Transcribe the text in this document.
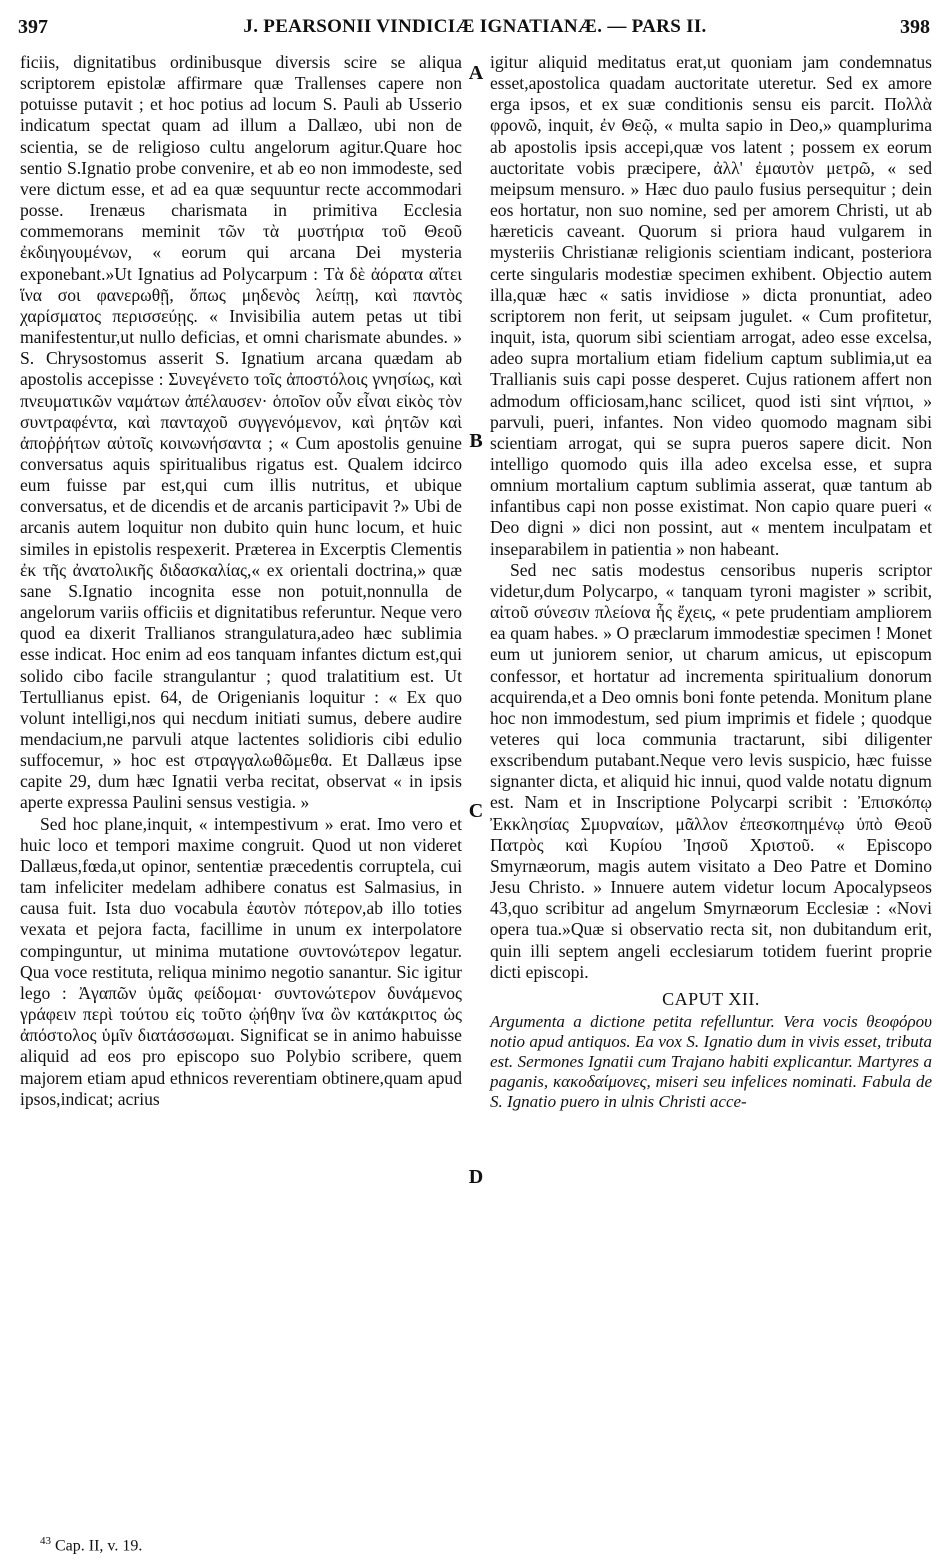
397	J. PEARSONII VINDICIÆ IGNATIANÆ. — PARS II.	398

ficiis, dignitatibus ordinibusque diversis scire se aliqua scriptorem epistolæ affirmare quæ Trallenses capere non potuisse putavit ; et hoc potius ad locum S. Pauli ab Usserio indicatum spectat quam ad illum a Dallæo, ubi non de scientia, se de religioso cultu angelorum agitur.Quare hoc sentio S.Ignatio probe convenire, et ab eo non immodeste, sed vere dictum esse, et ad ea quæ sequuntur recte accommodari posse. Irenæus charismata in primitiva Ecclesia commemorans meminit τῶν τὰ μυστήρια τοῦ Θεοῦ ἐκδιηγουμένων, « eorum qui arcana Dei mysteria exponebant.»Ut Ignatius ad Polycarpum : Τὰ δὲ ἀόρατα αἴτει ἵνα σοι φανερωθῇ, ὅπως μηδενὸς λείπῃ, καὶ παντὸς χαρίσματος περισσεύῃς. « Invisibilia autem petas ut tibi manifestentur,ut nullo deficias, et omni charismate abundes. » S. Chrysostomus asserit S. Ignatium arcana quædam ab apostolis accepisse : Συνεγένετο τοῖς ἀποστόλοις γνησίως, καὶ πνευματικῶν ναμάτων ἀπέλαυσεν· ὁποῖον οὖν εἶναι εἰκὸς τὸν συντραφέντα, καὶ πανταχοῦ συγγενόμενον, καὶ ῥητῶν καὶ ἀποῤῥήτων αὐτοῖς κοινωνήσαντα ; « Cum apostolis genuine conversatus aquis spiritualibus rigatus est. Qualem idcirco eum fuisse par est,qui cum illis nutritus, et ubique conversatus, et de dicendis et de arcanis participavit ?» Ubi de arcanis autem loquitur non dubito quin hunc locum, et huic similes in epistolis respexerit. Præterea in Excerptis Clementis ἐκ τῆς ἀνατολικῆς διδασκαλίας,« ex orientali doctrina,» quæ sane S.Ignatio incognita esse non potuit,nonnulla de angelorum variis officiis et dignitatibus referuntur. Neque vero quod ea dixerit Trallianos strangulatura,adeo hæc sublimia esse indicat. Hoc enim ad eos tanquam infantes dictum est,qui solido cibo facile strangulantur ; quod tralatitium est. Ut Tertullianus epist. 64, de Origenianis loquitur : « Ex quo volunt intelligi,nos qui necdum initiati sumus, debere audire mendacium,ne parvuli atque lactentes solidioris cibi edulio suffocemur, » hoc est στραγγαλωθῶμεθα. Et Dallæus ipse capite 29, dum hæc Ignatii verba recitat, observat « in ipsis aperte expressa Paulini sensus vestigia. »

Sed hoc plane,inquit, « intempestivum » erat. Imo vero et huic loco et tempori maxime congruit. Quod ut non videret Dallæus,fœda,ut opinor, sententiæ præcedentis corruptela, cui tam infeliciter medelam adhibere conatus est Salmasius, in causa fuit. Ista duo vocabula ἑαυτὸν πότερον,ab illo toties vexata et pejora facta, facillime in unum ex interpolatore compinguntur, ut minima mutatione συντονώτερον legatur. Qua voce restituta, reliqua minimo negotio sanantur. Sic igitur lego : Ἀγαπῶν ὑμᾶς φείδομαι· συντονώτερον δυνάμενος γράφειν περὶ τούτου εἰς τοῦτο ᾠήθην ἵνα ὢν κατάκριτος ὡς ἀπόστολος ὑμῖν διατάσσωμαι. Significat se in animo habuisse aliquid ad eos pro episcopo suo Polybio scribere, quem majorem etiam apud ethnicos reverentiam obtinere,quam apud ipsos,indicat; acrius

A
B
C
D

igitur aliquid meditatus erat,ut quoniam jam condemnatus esset,apostolica quadam auctoritate uteretur. Sed ex amore erga ipsos, et ex suæ conditionis sensu eis parcit. Πολλὰ φρονῶ, inquit, ἐν Θεῷ, « multa sapio in Deo,» quamplurima ab apostolis ipsis accepi,quæ vos latent ; possem ex eorum auctoritate vobis præcipere, ἀλλ' ἐμαυτὸν μετρῶ, « sed meipsum mensuro. » Hæc duo paulo fusius persequitur ; dein eos hortatur, non suo nomine, sed per amorem Christi, ut ab hæreticis caveant. Quorum si priora haud vulgarem in mysteriis Christianæ religionis scientiam indicant, posteriora certe singularis modestiæ specimen exhibent. Objectio autem illa,quæ hæc « satis invidiose » dicta pronuntiat, adeo scriptorem non ferit, ut seipsam jugulet. « Cum profitetur, inquit, ista, quorum sibi scientiam arrogat, adeo esse excelsa, adeo supra mortalium etiam fidelium captum sublimia,ut ea Trallianis suis capi posse desperet. Cujus rationem affert non admodum officiosam,hanc scilicet, quod isti sint νήπιοι, » parvuli, pueri, infantes. Non video quomodo magnam sibi scientiam arrogat, qui se supra pueros sapere dicit. Non intelligo quomodo quis illa adeo excelsa esse, et supra omnium mortalium captum sublimia asserat, quæ tantum ab infantibus capi non posse existimat. Non capio quare pueri « Deo digni » dici non possint, aut « mentem inculpatam et inseparabilem in patientia » non habeant.

Sed nec satis modestus censoribus nuperis scriptor videtur,dum Polycarpo, « tanquam tyroni magister » scribit, αἰτοῦ σύνεσιν πλείονα ἧς ἔχεις, « pete prudentiam ampliorem ea quam habes. » O præclarum immodestiæ specimen ! Monet eum ut juniorem senior, ut charum amicus, ut episcopum confessor, et hortatur ad incrementa spiritualium donorum acquirenda,et a Deo omnis boni fonte petenda. Monitum plane hoc non immodestum, sed pium imprimis et fidele ; quodque veteres qui loca communia tractarunt, sibi diligenter exscribendum putabant.Neque vero levis suspicio, hæc fuisse signanter dicta, et aliquid hic innui, quod valde notatu dignum est. Nam et in Inscriptione Polycarpi scribit : Ἐπισκόπῳ Ἐκκλησίας Σμυρναίων, μᾶλλον ἐπεσκοπημένῳ ὑπὸ Θεοῦ Πατρὸς καὶ Κυρίου Ἰησοῦ Χριστοῦ. « Episcopo Smyrnæorum, magis autem visitato a Deo Patre et Domino Jesu Christo. » Innuere autem videtur locum Apocalypseos 43,quo scribitur ad angelum Smyrnæorum Ecclesiæ : «Novi opera tua.»Quæ si observatio recta sit, non dubitandum erit, quin illi septem angeli ecclesiarum totidem fuerint proprie dicti episcopi.

CAPUT XII.

Argumenta a dictione petita refelluntur. Vera vocis θεοφόρου notio apud antiquos. Ea vox S. Ignatio dum in vivis esset, tributa est. Sermones Ignatii cum Trajano habiti explicantur. Martyres a paganis, κακοδαίμονες, miseri seu infelices nominati. Fabula de S. Ignatio puero in ulnis Christi acce-

$^{43}$ Cap. II, v. 19.
